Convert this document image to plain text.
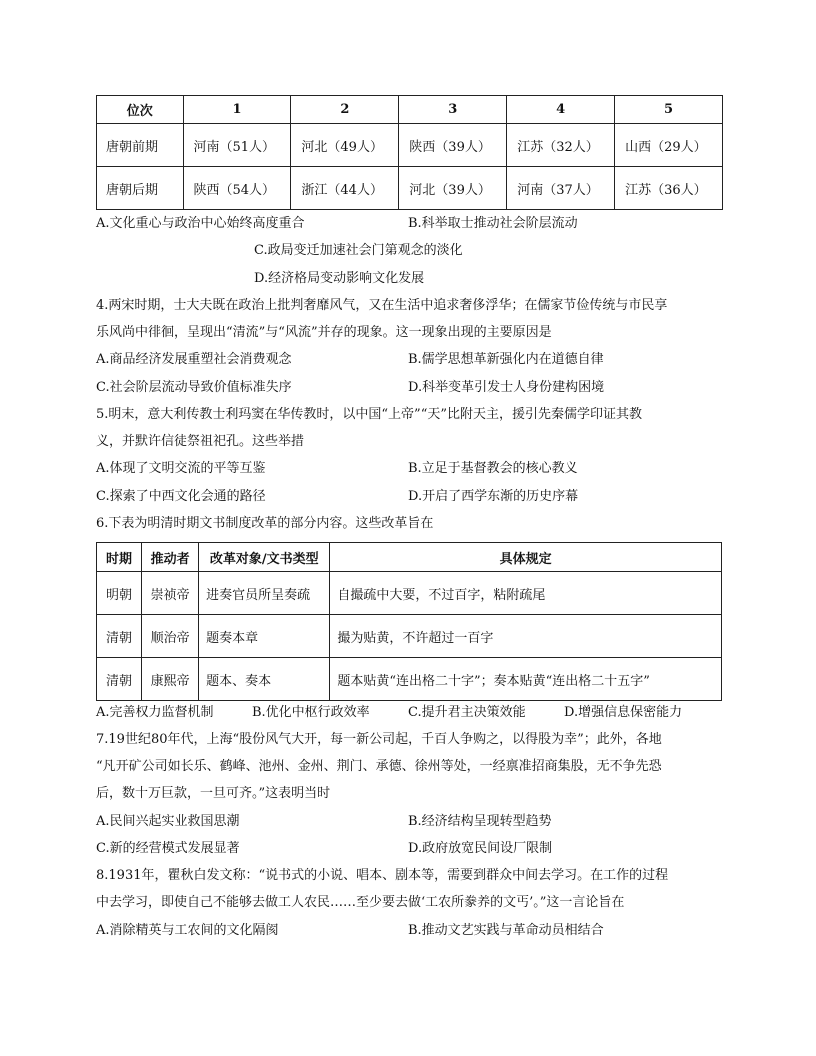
位次	1	2	3	4	5
唐朝前期	河南（51人）	河北（49人）	陕西（39人）	江苏（32人）	山西（29人）
唐朝后期	陕西（54人）	浙江（44人）	河北（39人）	河南（37人）	江苏（36人）
A.文化重心与政治中心始终高度重合	B.科举取士推动社会阶层流动
C.政局变迁加速社会门第观念的淡化
D.经济格局变动影响文化发展
4.两宋时期，士大夫既在政治上批判奢靡风气，又在生活中追求奢侈浮华；在儒家节俭传统与市民享
乐风尚中徘徊，呈现出“清流”与“风流”并存的现象。这一现象出现的主要原因是
A.商品经济发展重塑社会消费观念	B.儒学思想革新强化内在道德自律
C.社会阶层流动导致价值标准失序	D.科举变革引发士人身份建构困境
5.明末，意大利传教士利玛窦在华传教时，以中国“上帝”“天”比附天主，援引先秦儒学印证其教
义，并默许信徒祭祖祀孔。这些举措
A.体现了文明交流的平等互鉴	B.立足于基督教会的核心教义
C.探索了中西文化会通的路径	D.开启了西学东渐的历史序幕
6.下表为明清时期文书制度改革的部分内容。这些改革旨在
时期	推动者	改革对象/文书类型	具体规定
明朝	崇祯帝	进奏官员所呈奏疏	自撮疏中大要，不过百字，粘附疏尾
清朝	顺治帝	题奏本章	撮为贴黄，不许超过一百字
清朝	康熙帝	题本、奏本	题本贴黄“连出格二十字”；奏本贴黄“连出格二十五字”
A.完善权力监督机制	B.优化中枢行政效率	C.提升君主决策效能	D.增强信息保密能力
7.19世纪80年代，上海“股份风气大开，每一新公司起，千百人争购之，以得股为幸”；此外，各地
“凡开矿公司如长乐、鹤峰、池州、金州、荆门、承德、徐州等处，一经禀准招商集股，无不争先恐
后，数十万巨款，一旦可齐。”这表明当时
A.民间兴起实业救国思潮	B.经济结构呈现转型趋势
C.新的经营模式发展显著	D.政府放宽民间设厂限制
8.1931年，瞿秋白发文称：“说书式的小说、唱本、剧本等，需要到群众中间去学习。在工作的过程
中去学习，即使自己不能够去做工人农民……至少要去做‘工农所豢养的文丐’。”这一言论旨在
A.消除精英与工农间的文化隔阂	B.推动文艺实践与革命动员相结合
